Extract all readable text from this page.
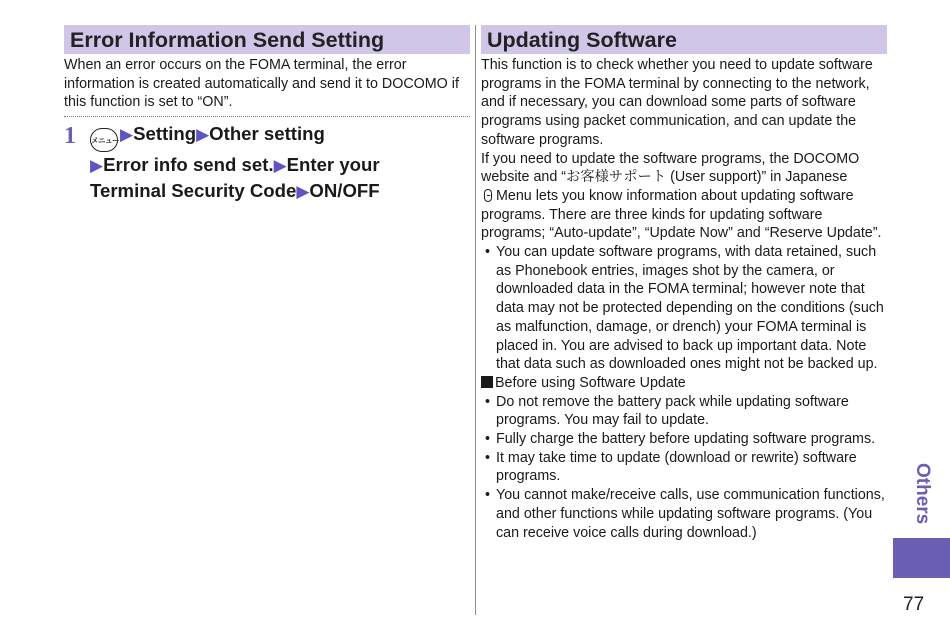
Error Information Send Setting

When an error occurs on the FOMA terminal, the error information is created automatically and send it to DOCOMO if this function is set to “ON”.

1 メニュー▶Setting▶Other setting
▶Error info send set.▶Enter your
Terminal Security Code▶ON/OFF
Updating Software

This function is to check whether you need to update software programs in the FOMA terminal by connecting to the network, and if necessary, you can download some parts of software programs using packet communication, and can update the software programs.

If you need to update the software programs, the DOCOMO website and “お客様サポート (User support)” in Japanese
Menu lets you know information about updating software programs. There are three kinds for updating software programs; “Auto-update”, “Update Now” and “Reserve Update”.

• You can update software programs, with data retained, such as Phonebook entries, images shot by the camera, or downloaded data in the FOMA terminal; however note that data may not be protected depending on the conditions (such as malfunction, damage, or drench) your FOMA terminal is placed in. You are advised to back up important data. Note that data such as downloaded ones might not be backed up.
Before using Software Update
• Do not remove the battery pack while updating software programs. You may fail to update.
• Fully charge the battery before updating software programs.
• It may take time to update (download or rewrite) software programs.
• You cannot make/receive calls, use communication functions, and other functions while updating software programs. (You can receive voice calls during download.)
Others
77
